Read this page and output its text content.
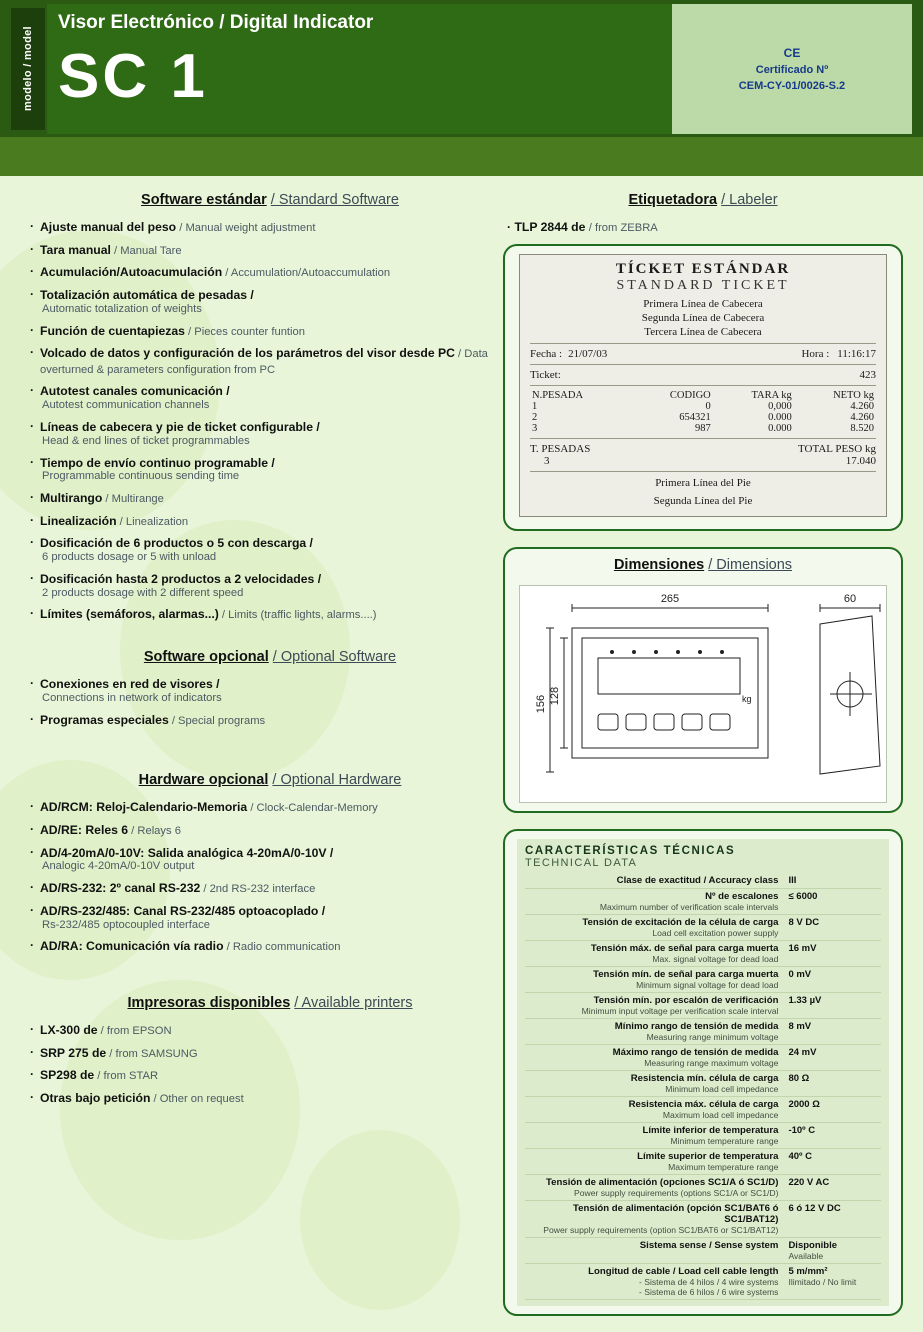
modelo / model
Visor Electrónico / Digital Indicator
SC 1	CE
Certificado Nº
CEM-CY-01/0026-S.2
Software estándar / Standard Software
· Ajuste manual del peso / Manual weight adjustment
· Tara manual / Manual Tare
· Acumulación/Autoacumulación / Accumulation/Autoaccumulation
· Totalización automática de pesadas /
Automatic totalization of weights
· Función de cuentapiezas / Pieces counter funtion
· Volcado de datos y configuración de los parámetros del visor desde PC / Data overturned & parameters configuration from PC
· Autotest canales comunicación /
Autotest communication channels
· Líneas de cabecera y pie de ticket configurable /
Head & end lines of ticket programmables
· Tiempo de envío continuo programable /
Programmable continuous sending time
· Multirango / Multirange
· Linealización / Linealization
· Dosificación de 6 productos o 5 con descarga /
6 products dosage or 5 with unload
· Dosificación hasta 2 productos a 2 velocidades /
2 products dosage with 2 different speed
· Límites (semáforos, alarmas...) / Limits (traffic lights, alarms....)
Software opcional / Optional Software
· Conexiones en red de visores /
Connections in network of indicators
· Programas especiales / Special programs
Hardware opcional / Optional Hardware
· AD/RCM: Reloj-Calendario-Memoria / Clock-Calendar-Memory
· AD/RE: Reles 6 / Relays 6
· AD/4-20mA/0-10V: Salida analógica 4-20mA/0-10V /
Analogic 4-20mA/0-10V output
· AD/RS-232: 2º canal RS-232 / 2nd RS-232 interface
· AD/RS-232/485: Canal RS-232/485 optoacoplado /
Rs-232/485 optocoupled interface
· AD/RA: Comunicación vía radio / Radio communication
Impresoras disponibles / Available printers
· LX-300 de / from EPSON
· SRP 275 de / from SAMSUNG
· SP298 de / from STAR
· Otras bajo petición / Other on request
Etiquetadora / Labeler
· TLP 2844 de / from ZEBRA
TÍCKET ESTÁNDAR
STANDARD TICKET
Primera Línea de Cabecera
Segunda Línea de Cabecera
Tercera Línea de Cabecera
Fecha : 21/07/03	Hora : 11:16:17
Ticket:	423
N.PESADA	CODIGO	TARA kg	NETO kg
1	0	0,000	4.260
2	654321	0.000	4.260
3	987	0.000	8.520
T. PESADAS	TOTAL PESO kg
3	17.040
Primera Línea del Pie
Segunda Línea del Pie
Dimensiones / Dimensions
265	60
156 128	kg
CARACTERÍSTICAS TÉCNICAS
TECHNICAL DATA
Clase de exactitud / Accuracy class	III

Nº de escalones
Maximum number of verification scale intervals	≤ 6000

Tensión de excitación de la célula de carga
Load cell excitation power supply	8 V DC

Tensión máx. de señal para carga muerta
Max. signal voltage for dead load	16 mV

Tensión mín. de señal para carga muerta
Minimum signal voltage for dead load	0 mV

Tensión mín. por escalón de verificación
Minimum input voltage per verification scale interval	1.33 µV

Mínimo rango de tensión de medida
Measuring range minimum voltage	8 mV

Máximo rango de tensión de medida
Measuring range maximum voltage	24 mV

Resistencia mín. célula de carga
Minimum load cell impedance	80 Ω

Resistencia máx. célula de carga
Maximum load cell impedance	2000 Ω

Límite inferior de temperatura
Minimum temperature range	-10º C

Límite superior de temperatura
Maximum temperature range	40º C

Tensión de alimentación (opciones SC1/A ó SC1/D)
Power supply requirements (options SC1/A or SC1/D)	220 V AC

Tensión de alimentación (opción SC1/BAT6 ó SC1/BAT12)
Power supply requirements (option SC1/BAT6 or SC1/BAT12)	6 ó 12 V DC

Sistema sense / Sense system	Disponible
Available

Longitud de cable / Load cell cable length
- Sistema de 4 hilos / 4 wire systems
- Sistema de 6 hilos / 6 wire systems	5 m/mm²
Ilimitado / No limit
